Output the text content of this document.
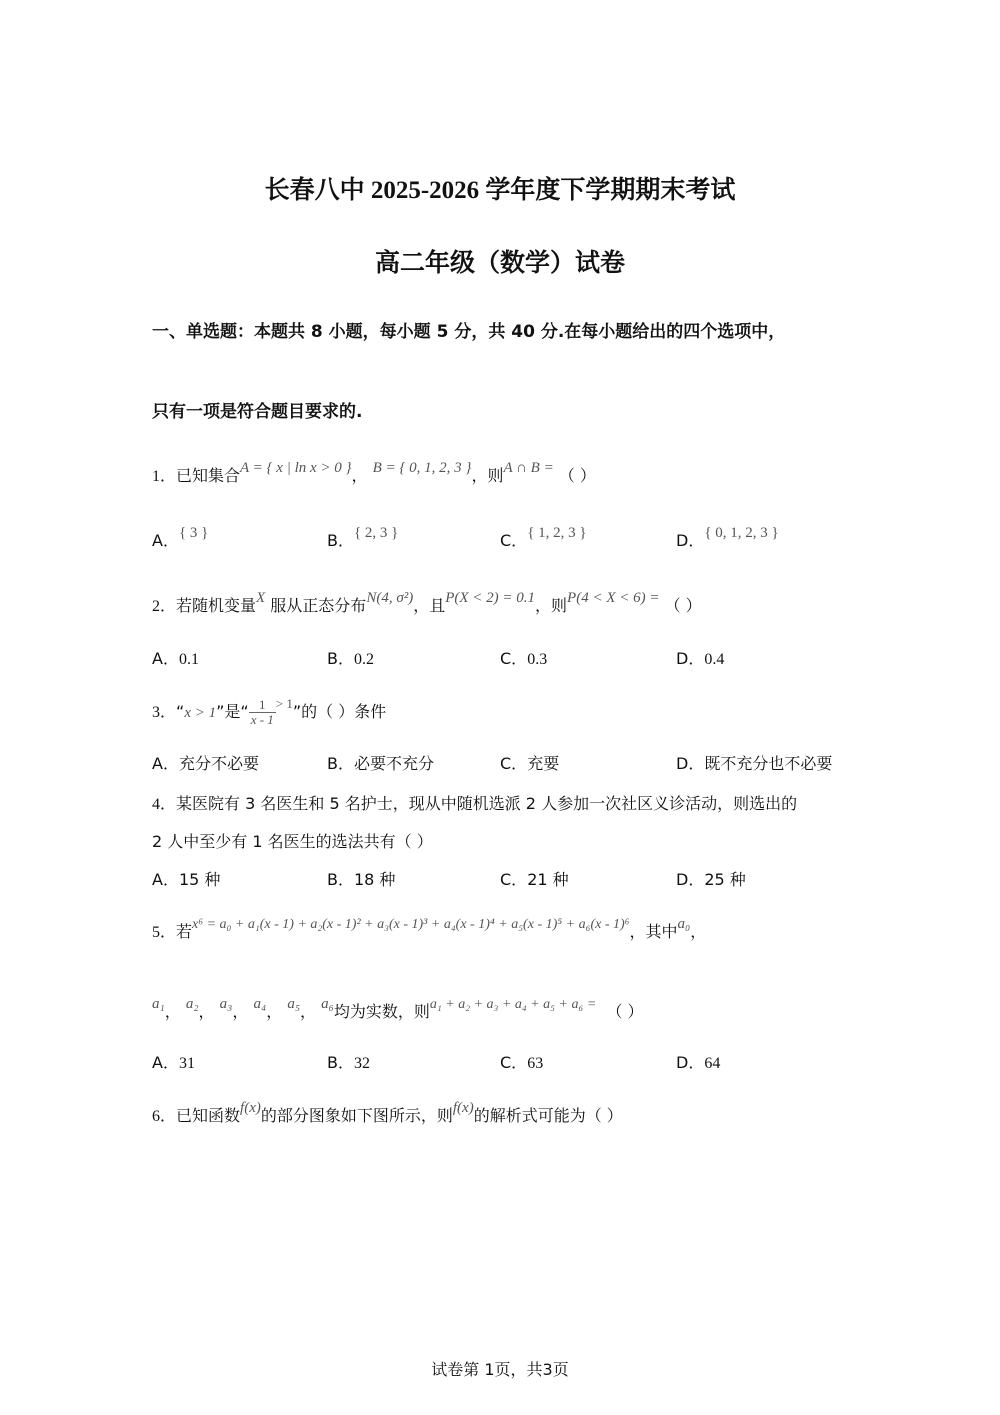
长春八中 2025-2026 学年度下学期期末考试
高二年级（数学）试卷
一、单选题：本题共 8 小题，每小题 5 分，共 40 分.在每小题给出的四个选项中，
只有一项是符合题目要求的.
1．已知集合A = { x | ln x > 0 }， B = { 0, 1, 2, 3 }，则A ∩ B = （ ）
A．{ 3 }	B．{ 2, 3 }	C．{ 1, 2, 3 }	D．{ 0, 1, 2, 3 }
2．若随机变量X 服从正态分布N(4, σ²)，且P(X < 2) = 0.1，则P(4 < X < 6) = （ ）
A．0.1	B．0.2	C．0.3	D．0.4
3．“x > 1”是“ $\frac{1}{x - 1} ^{> 1}$”的（ ）条件
A．充分不必要	B．必要不充分	C．充要	D．既不充分也不必要
4．某医院有 3 名医生和 5 名护士，现从中随机选派 2 人参加一次社区义诊活动，则选出的
2 人中至少有 1 名医生的选法共有（ ）
A．15 种	B．18 种	C．21 种	D．25 种
5．若x⁶ = a₀ + a₁(x - 1) + a₂(x - 1)² + a₃(x - 1)³ + a₄(x - 1)⁴ + a₅(x - 1)⁵ + a₆(x - 1)⁶，其中a₀，
a₁， a₂， a₃， a₄， a₅， a₆均为实数，则a₁ + a₂ + a₃ + a₄ + a₅ + a₆ = （ ）
A．31	B．32	C．63	D．64
6．已知函数f(x)的部分图象如下图所示，则f(x)的解析式可能为（ ）
试卷第 1页，共3页
